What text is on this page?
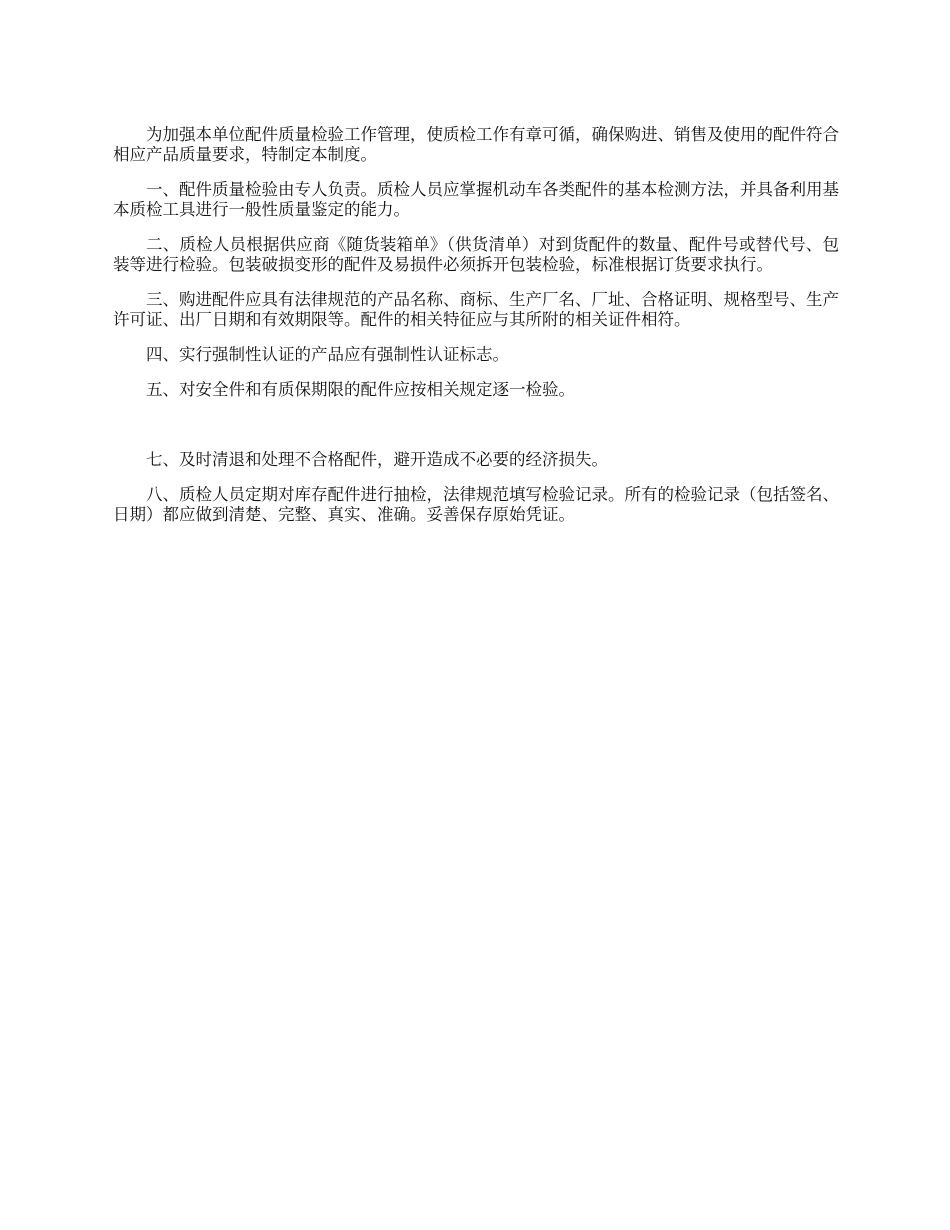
为加强本单位配件质量检验工作管理，使质检工作有章可循，确保购进、销售及使用的配件符合相应产品质量要求，特制定本制度。

一、配件质量检验由专人负责。质检人员应掌握机动车各类配件的基本检测方法，并具备利用基本质检工具进行一般性质量鉴定的能力。

二、质检人员根据供应商《随货装箱单》（供货清单）对到货配件的数量、配件号或替代号、包装等进行检验。包装破损变形的配件及易损件必须拆开包装检验，标准根据订货要求执行。

三、购进配件应具有法律规范的产品名称、商标、生产厂名、厂址、合格证明、规格型号、生产许可证、出厂日期和有效期限等。配件的相关特征应与其所附的相关证件相符。

四、实行强制性认证的产品应有强制性认证标志。

五、对安全件和有质保期限的配件应按相关规定逐一检验。

七、及时清退和处理不合格配件，避开造成不必要的经济损失。

八、质检人员定期对库存配件进行抽检，法律规范填写检验记录。所有的检验记录（包括签名、日期）都应做到清楚、完整、真实、准确。妥善保存原始凭证。
